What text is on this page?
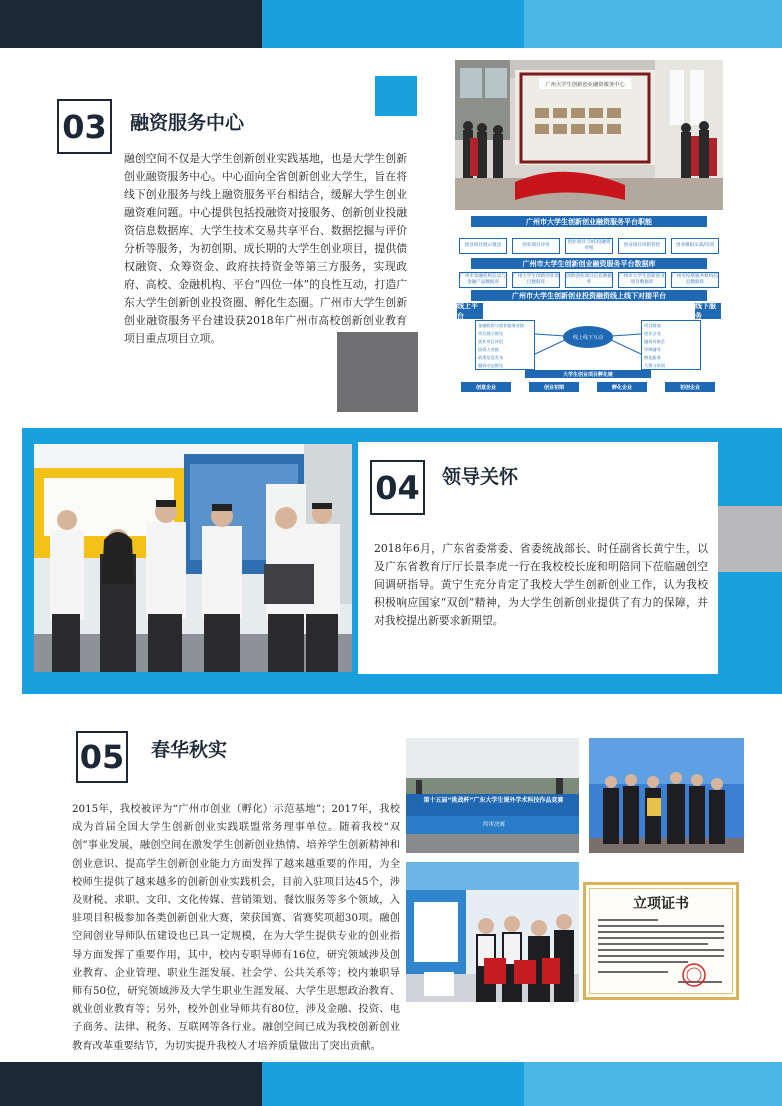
03 融资服务中心

融创空间不仅是大学生创新创业实践基地，也是大学生创新创业融资服务中心。中心面向全省创新创业大学生，旨在将线下创业服务与线上融资服务平台相结合，缓解大学生创业融资难问题。中心提供包括投融资对接服务、创新创业投融资信息数据库、大学生技术交易共享平台、数据挖掘与评价分析等服务，为初创期、成长期的大学生创业项目，提供债权融资、众筹资金、政府扶持资金等第三方服务，实现政府、高校、金融机构、平台“四位一体”的良性互动，打造广东大学生创新创业投资圈、孵化生态圈。广州市大学生创新创业融资服务平台建设获2018年广州市高校创新创业教育项目重点项目立项。

广州大学生创新创业融资服务中心
广州市大学生创新创业融资服务平台职能
创业项目展示推送	创业项目评价
创业项目与VC投融资对接
创业项目风险管控	创业模拟实战/培训
广州市大学生创新创业融资服务平台数据库
广州市金融机构信息与金融产品数据库
广州大学生创新创业项目数据库
创新创业项目信息数据库
广州市大学生创新创业项目数据库
广州市投资服务机构信息数据库
广州市大学生创新创业投资融资线上线下对接平台
线上平台
线下服务
金融机构与创业服务对接
项目展示推送
创业项目评估
投资人对接
政策信息发布
融资动态推送
项目路演
创业沙龙
融资对接会
导师辅导
孵化服务
大赛与培训
线上线下互动
大学生创业项目孵化链
创意企业	创业初期	孵化企业	初创企业
04 领导关怀

2018年6月，广东省委常委、省委统战部长、时任副省长黄宁生，以及广东省教育厅厅长景李虎一行在我校校长庞和明陪同下莅临融创空间调研指导。黄宁生充分肯定了我校大学生创新创业工作，认为我校积极响应国家“双创”精神，为大学生创新创业提供了有力的保障，并对我校提出新要求新期望。

05 春华秋实

2015年，我校被评为“广州市创业（孵化）示范基地”；2017年，我校成为首届全国大学生创新创业实践联盟常务理事单位。随着我校“双创”事业发展，融创空间在激发学生创新创业热情、培养学生创新精神和创业意识、提高学生创新创业能力方面发挥了越来越重要的作用，为全校师生提供了越来越多的创新创业实践机会，目前入驻项目达45个，涉及财税、求职、文印、文化传媒、营销策划、餐饮服务等多个领域，入驻项目积极参加各类创新创业大赛，荣获国赛、省赛奖项超30项。融创空间创业导师队伍建设也已具一定规模，在为大学生提供专业的创业指导方面发挥了重要作用，其中，校内专职导师有16位，研究领域涉及创业教育、企业管理、职业生涯发展、社会学、公共关系等；校内兼职导师有50位，研究领域涉及大学生职业生涯发展、大学生思想政治教育、就业创业教育等；另外，校外创业导师共有80位，涉及金融、投资、电子商务、法律、税务、互联网等各行业。融创空间已成为我校创新创业教育改革重要结节，为切实提升我校人才培养质量做出了突出贡献。

第十五届“挑战杯”广东大学生课外学术科技作品竞赛
终审决赛
立项证书
